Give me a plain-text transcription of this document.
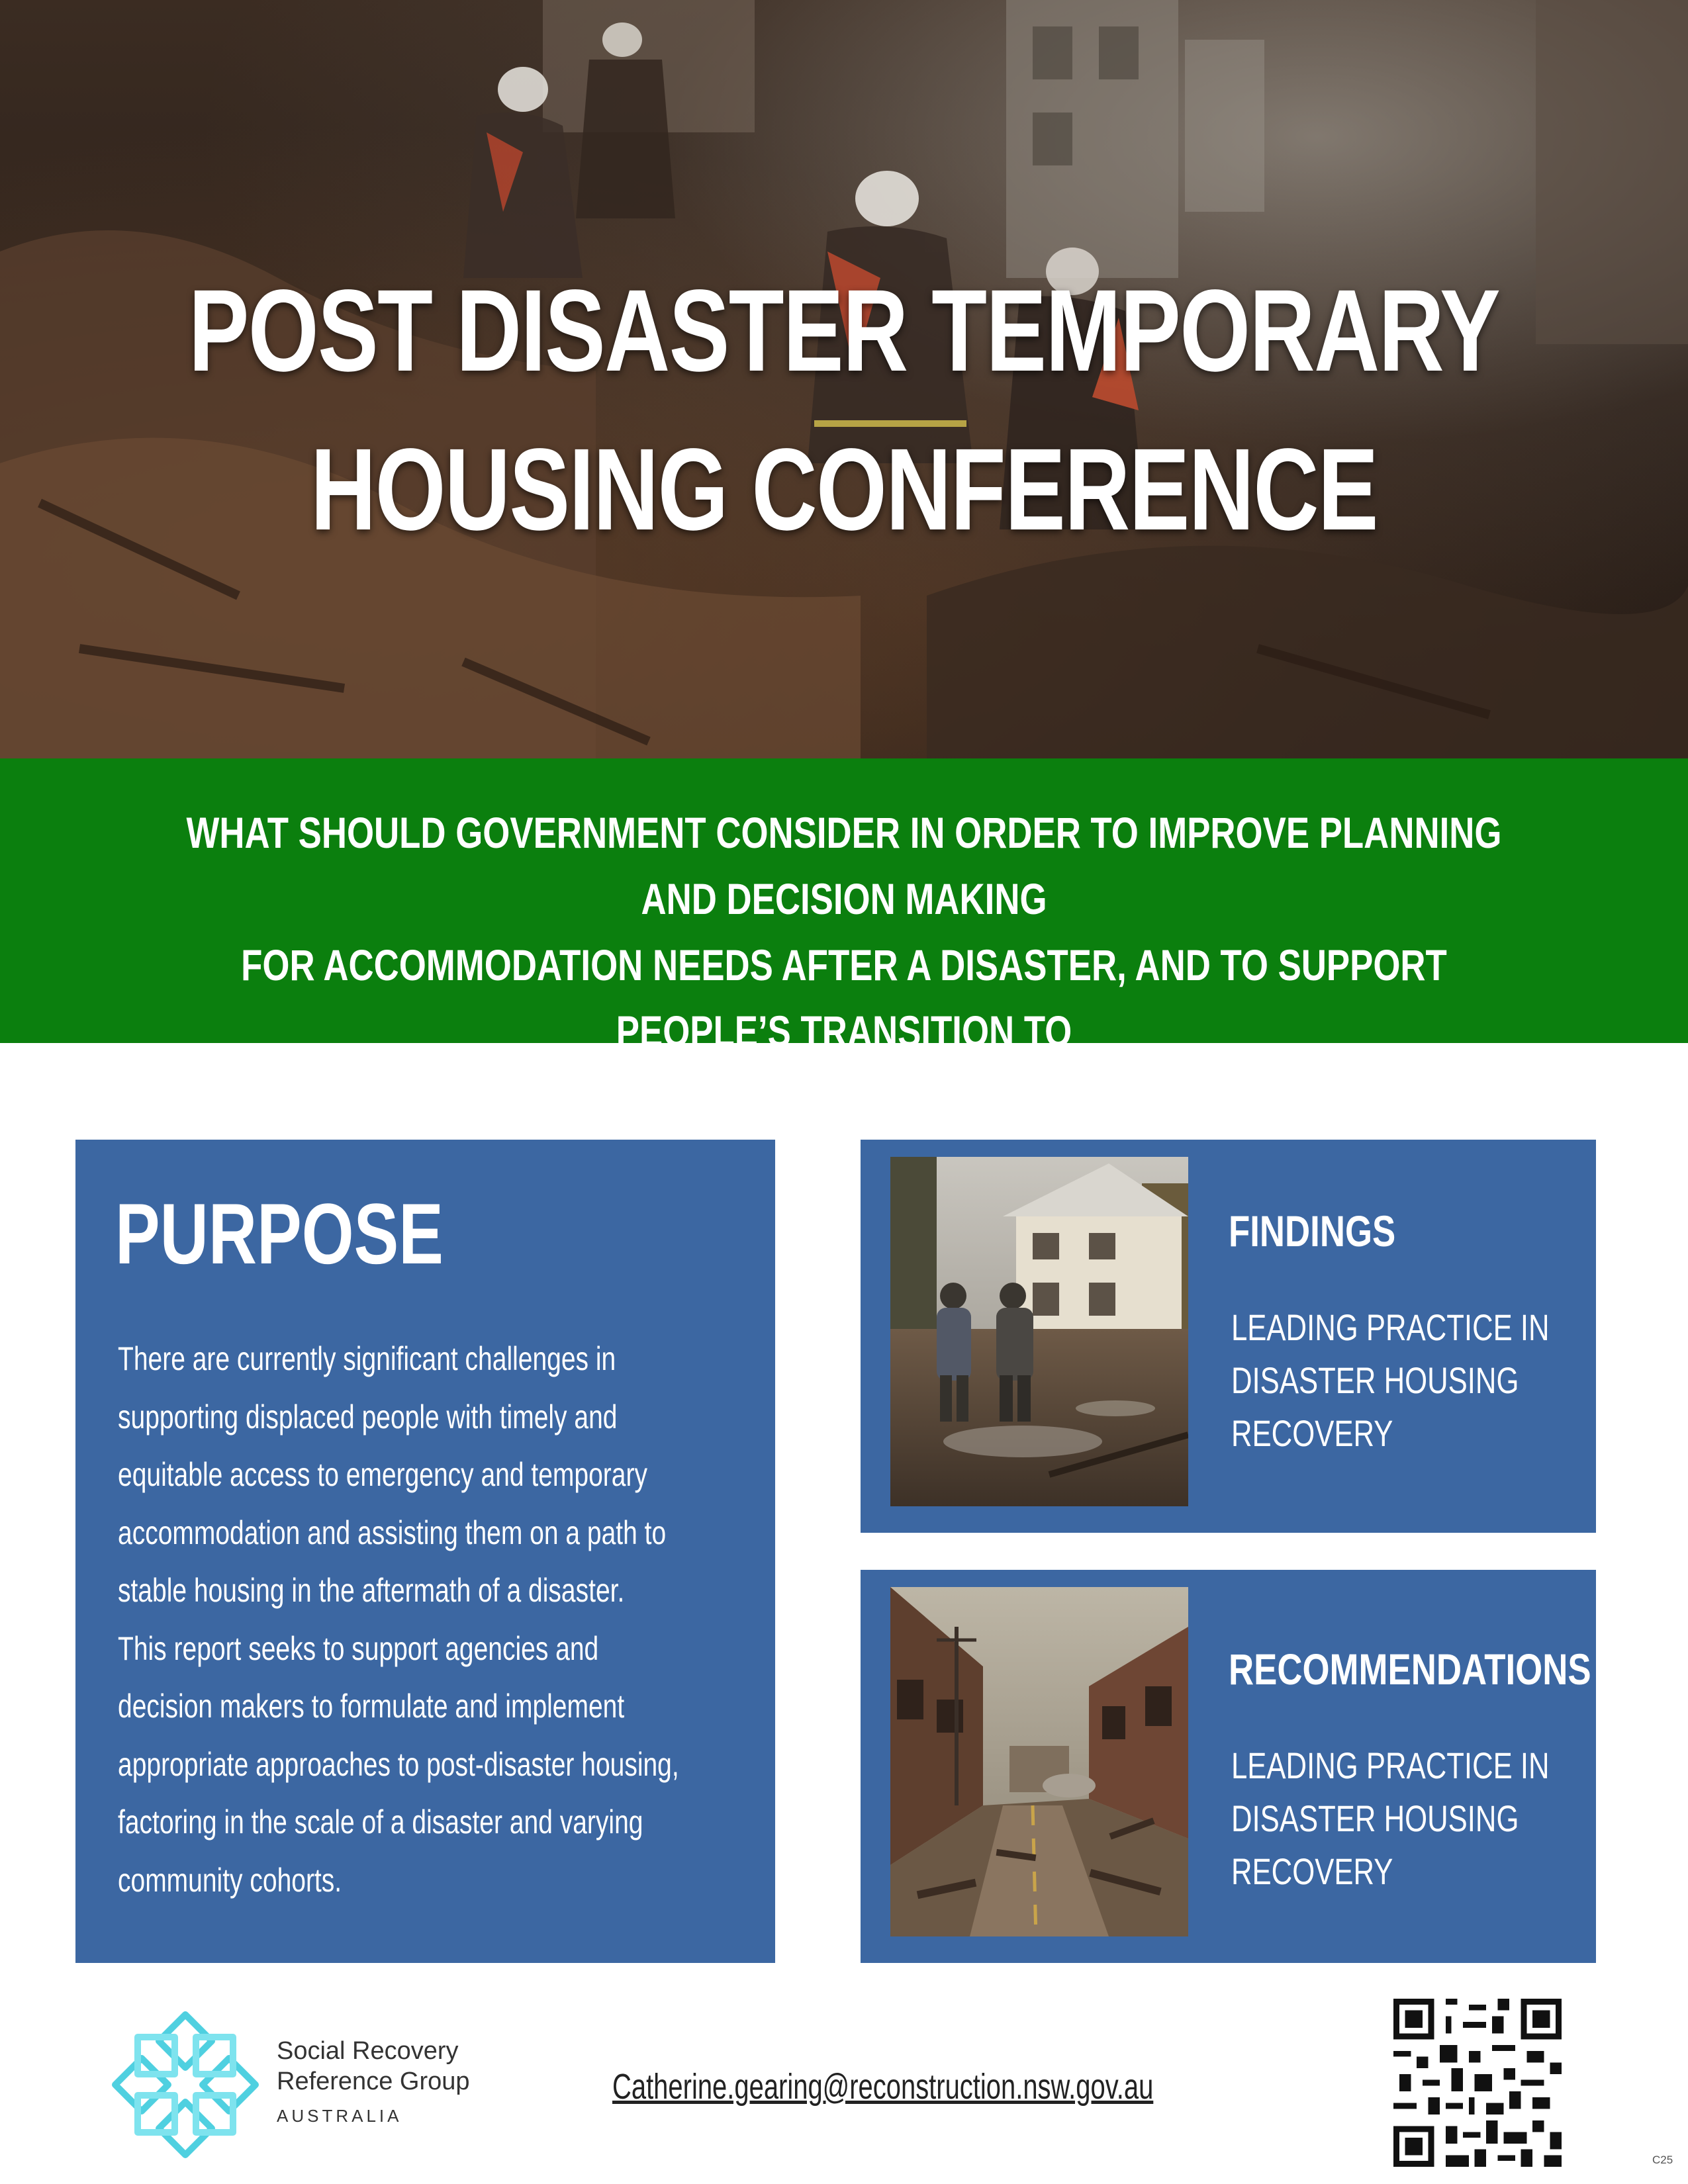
POST DISASTER TEMPORARY
HOUSING CONFERENCE
WHAT SHOULD GOVERNMENT CONSIDER IN ORDER TO IMPROVE PLANNING AND DECISION MAKING
FOR ACCOMMODATION NEEDS AFTER A DISASTER, AND TO SUPPORT PEOPLE’S TRANSITION TO
STABLE HOUSING?
PURPOSE
There are currently significant challenges in
supporting displaced people with timely and
equitable access to emergency and temporary
accommodation and assisting them on a path to
stable housing in the aftermath of a disaster.
This report seeks to support agencies and
decision makers to formulate and implement
appropriate approaches to post-disaster housing,
factoring in the scale of a disaster and varying
community cohorts.
FINDINGS
LEADING PRACTICE IN
DISASTER HOUSING
RECOVERY
RECOMMENDATIONS
LEADING PRACTICE IN
DISASTER HOUSING
RECOVERY
Social Recovery
Reference Group
AUSTRALIA
Catherine.gearing@reconstruction.nsw.gov.au
C25
